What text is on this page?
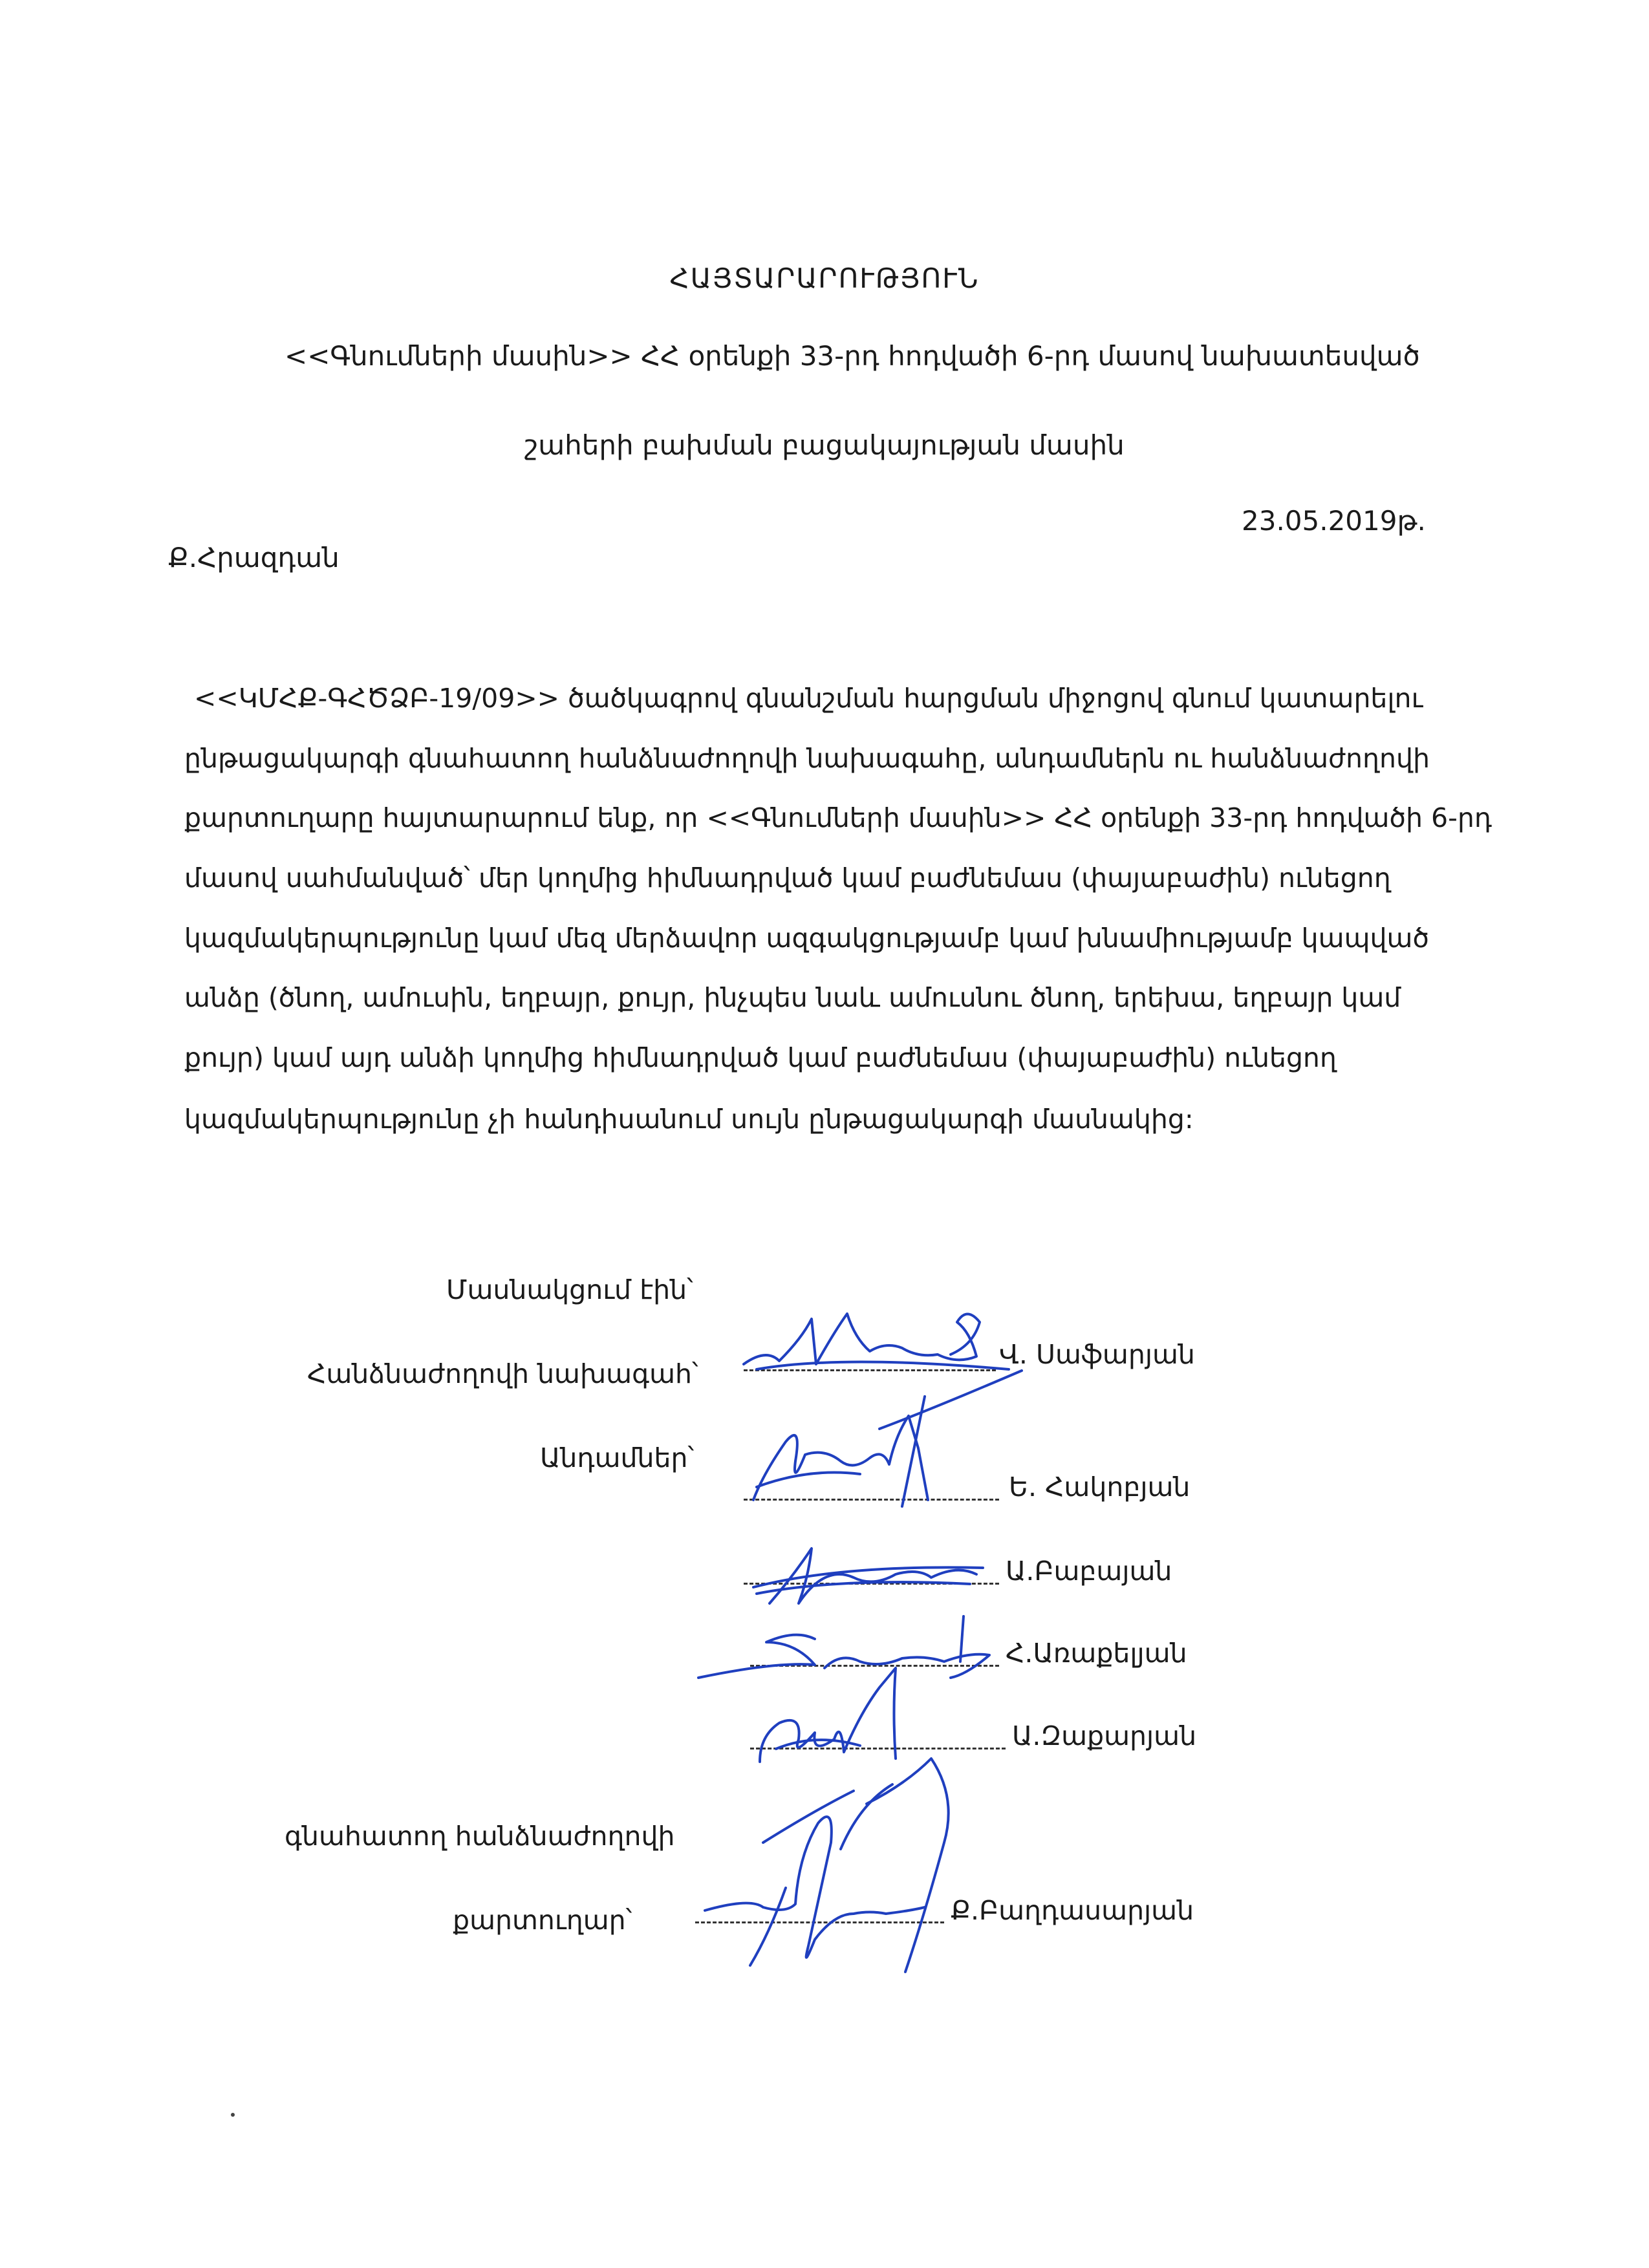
ՀԱՅՏԱՐԱՐՈՒԹՅՈՒՆ
<<Գնումների մասին>> ՀՀ օրենքի 33-րդ հոդվածի 6-րդ մասով նախատեսված
շահերի բախման բացակայության մասին
23.05.2019թ.
Ք.Հրազդան
<<ԿՄՀՔ-ԳՀԾՁԲ-19/09>> ծածկագրով գնանշման հարցման միջոցով գնում կատարելու
ընթացակարգի գնահատող հանձնաժողովի նախագահը, անդամներն ու հանձնաժողովի
քարտուղարը հայտարարում ենք, որ <<Գնումների մասին>> ՀՀ օրենքի 33-րդ հոդվածի 6-րդ
մասով սահմանված՝ մեր կողմից հիմնադրված կամ բաժնեմաս (փայաբաժին) ունեցող
կազմակերպությունը կամ մեզ մերձավոր ազգակցությամբ կամ խնամիությամբ կապված
անձը (ծնող, ամուսին, եղբայր, քույր, ինչպես նաև ամուսնու ծնող, երեխա, եղբայր կամ
քույր) կամ այդ անձի կողմից հիմնադրված կամ բաժնեմաս (փայաբաժին) ունեցող
կազմակերպությունը չի հանդիսանում սույն ընթացակարգի մասնակից:
Մասնակցում էին՝
Հանձնաժողովի նախագահ՝
Անդամներ՝
գնահատող հանձնաժողովի
քարտուղար՝
Վ. Սաֆարյան
Ե. Հակոբյան
Ա.Բաբայան
Հ.Առաքելյան
Ա.Զաքարյան
Ք.Բաղդասարյան
